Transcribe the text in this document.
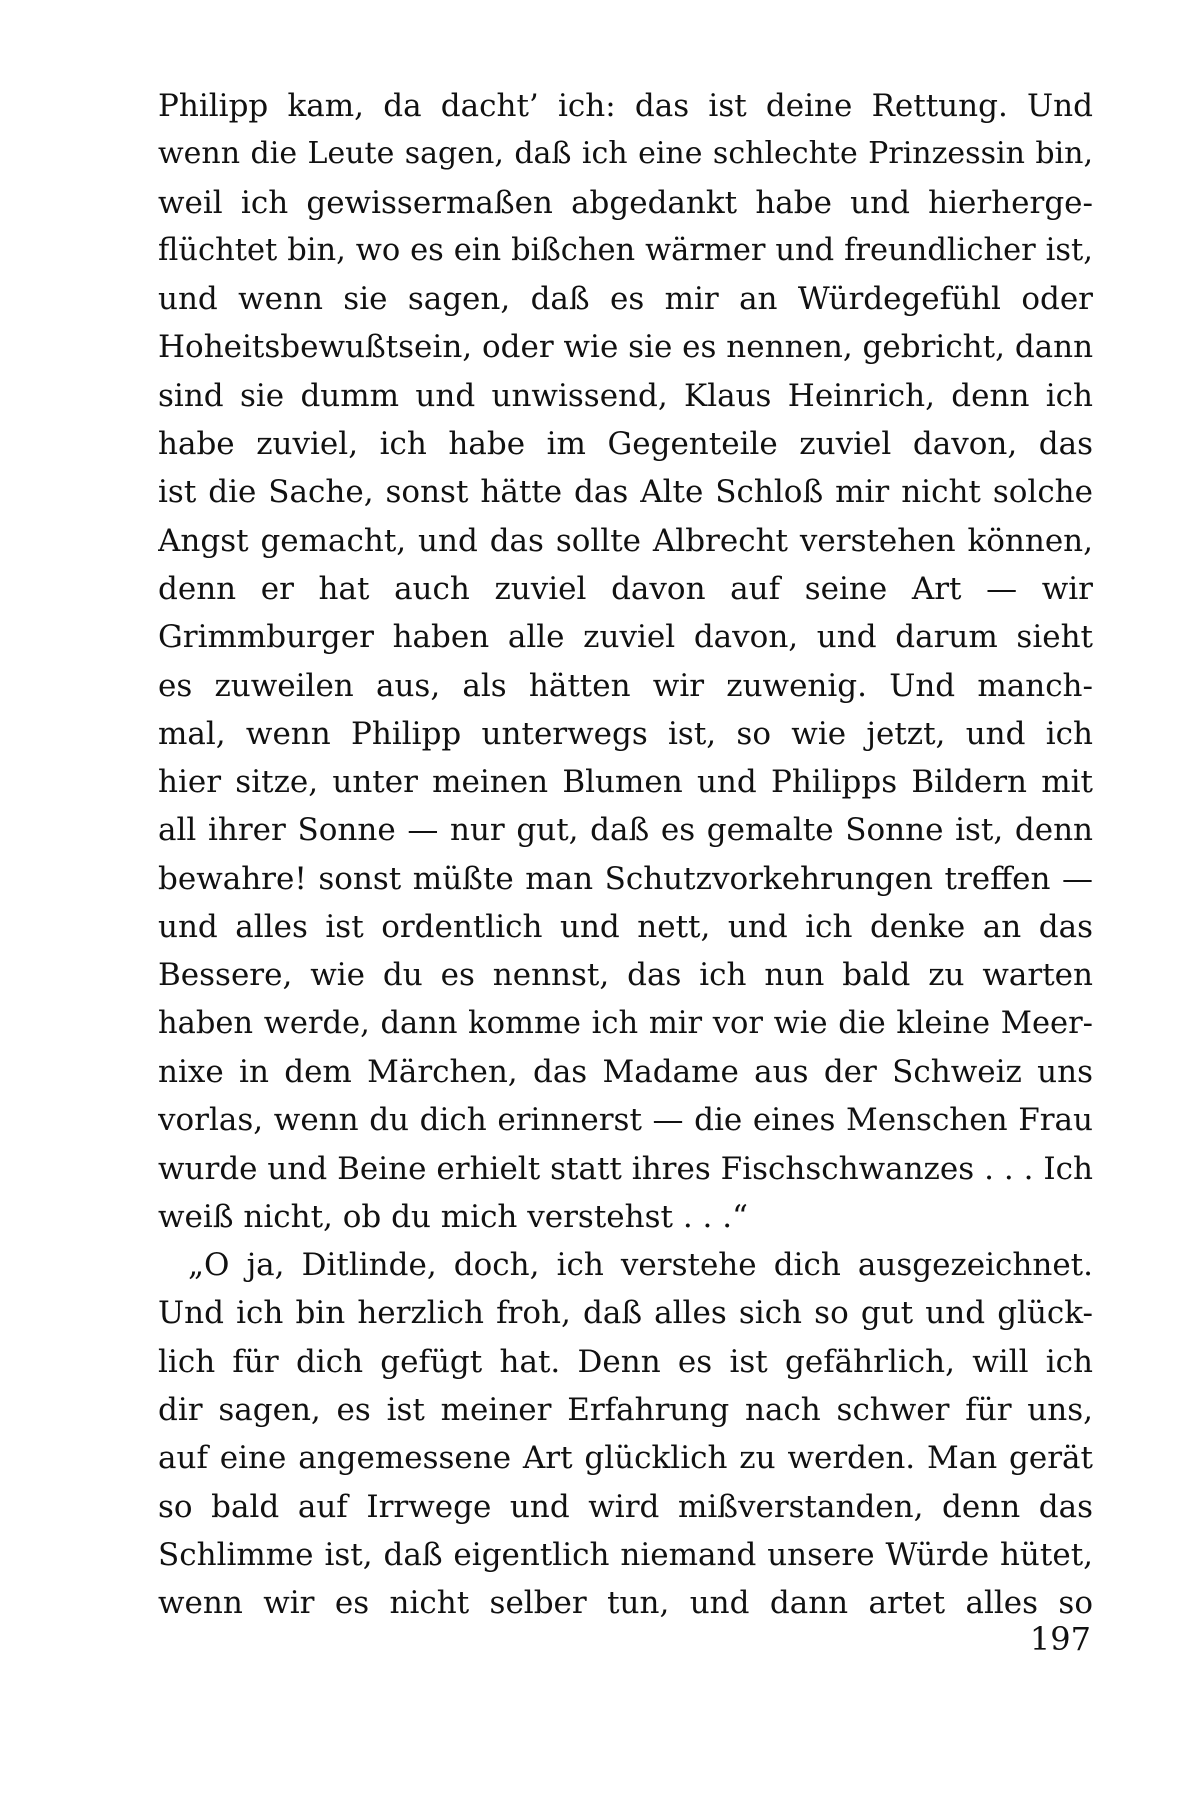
Philipp kam, da dacht’ ich: das ist deine Rettung. Und
wenn die Leute sagen, daß ich eine schlechte Prinzessin bin,
weil ich gewissermaßen abgedankt habe und hierherge-
flüchtet bin, wo es ein bißchen wärmer und freundlicher ist,
und wenn sie sagen, daß es mir an Würdegefühl oder
Hoheitsbewußtsein, oder wie sie es nennen, gebricht, dann
sind sie dumm und unwissend, Klaus Heinrich, denn ich
habe zuviel, ich habe im Gegenteile zuviel davon, das
ist die Sache, sonst hätte das Alte Schloß mir nicht solche
Angst gemacht, und das sollte Albrecht verstehen können,
denn er hat auch zuviel davon auf seine Art — wir
Grimmburger haben alle zuviel davon, und darum sieht
es zuweilen aus, als hätten wir zuwenig. Und manch-
mal, wenn Philipp unterwegs ist, so wie jetzt, und ich
hier sitze, unter meinen Blumen und Philipps Bildern mit
all ihrer Sonne — nur gut, daß es gemalte Sonne ist, denn
bewahre! sonst müßte man Schutzvorkehrungen treffen —
und alles ist ordentlich und nett, und ich denke an das
Bessere, wie du es nennst, das ich nun bald zu warten
haben werde, dann komme ich mir vor wie die kleine Meer-
nixe in dem Märchen, das Madame aus der Schweiz uns
vorlas, wenn du dich erinnerst — die eines Menschen Frau
wurde und Beine erhielt statt ihres Fischschwanzes . . . Ich
weiß nicht, ob du mich verstehst . . .“
„O ja, Ditlinde, doch, ich verstehe dich ausgezeichnet.
Und ich bin herzlich froh, daß alles sich so gut und glück-
lich für dich gefügt hat. Denn es ist gefährlich, will ich
dir sagen, es ist meiner Erfahrung nach schwer für uns,
auf eine angemessene Art glücklich zu werden. Man gerät
so bald auf Irrwege und wird mißverstanden, denn das
Schlimme ist, daß eigentlich niemand unsere Würde hütet,
wenn wir es nicht selber tun, und dann artet alles so
197
